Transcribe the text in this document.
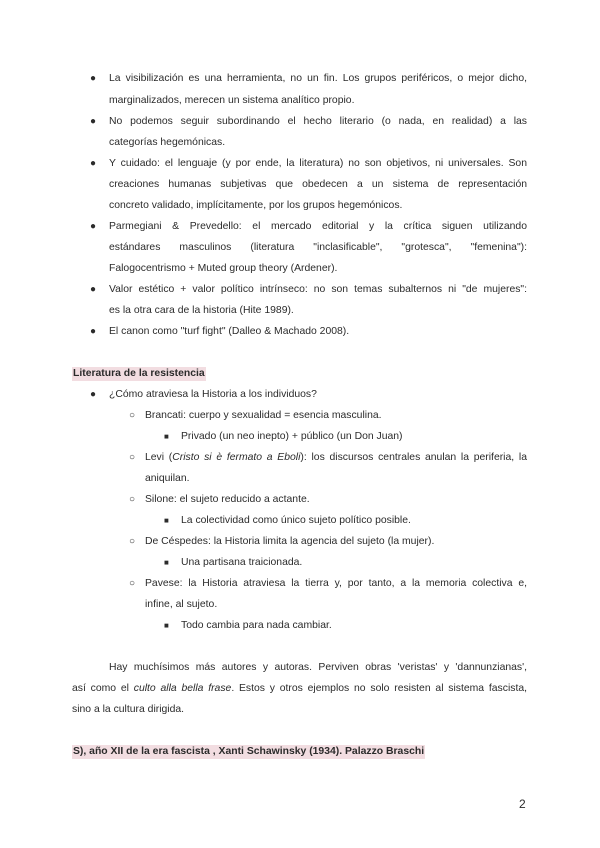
● La visibilización es una herramienta, no un fin. Los grupos periféricos, o mejor dicho,
marginalizados, merecen un sistema analítico propio.
● No podemos seguir subordinando el hecho literario (o nada, en realidad) a las
categorías hegemónicas.
● Y cuidado: el lenguaje (y por ende, la literatura) no son objetivos, ni universales. Son
creaciones humanas subjetivas que obedecen a un sistema de representación
concreto validado, implícitamente, por los grupos hegemónicos.
● Parmegiani & Prevedello: el mercado editorial y la crítica siguen utilizando
estándares masculinos (literatura "inclasificable", "grotesca", "femenina"):
Falogocentrismo + Muted group theory (Ardener).
● Valor estético + valor político intrínseco: no son temas subalternos ni "de mujeres":
es la otra cara de la historia (Hite 1989).
● El canon como "turf fight" (Dalleo & Machado 2008).
Literatura de la resistencia
● ¿Cómo atraviesa la Historia a los individuos?
○ Brancati: cuerpo y sexualidad = esencia masculina.
■ Privado (un neo inepto) + público (un Don Juan)
○ Levi (Cristo si è fermato a Eboli): los discursos centrales anulan la periferia, la
aniquilan.
○ Silone: el sujeto reducido a actante.
■ La colectividad como único sujeto político posible.
○ De Céspedes: la Historia limita la agencia del sujeto (la mujer).
■ Una partisana traicionada.
○ Pavese: la Historia atraviesa la tierra y, por tanto, a la memoria colectiva e,
infine, al sujeto.
■ Todo cambia para nada cambiar.
Hay muchísimos más autores y autoras. Perviven obras 'veristas' y 'dannunzianas',
así como el culto alla bella frase. Estos y otros ejemplos no solo resisten al sistema fascista,
sino a la cultura dirigida.
S), año XII de la era fascista , Xanti Schawinsky (1934). Palazzo Braschi
2
